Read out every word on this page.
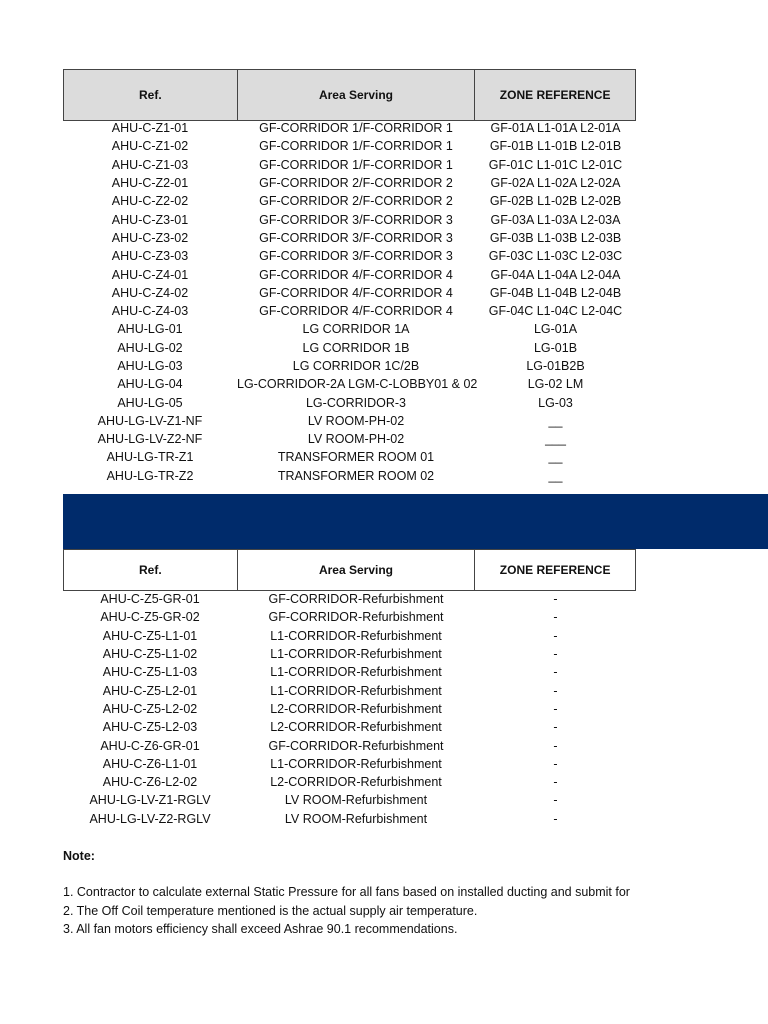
Ref.	Area Serving	ZONE REFERENCE
AHU-C-Z1-01	GF-CORRIDOR 1/F-CORRIDOR 1	GF-01A L1-01A L2-01A
AHU-C-Z1-02	GF-CORRIDOR 1/F-CORRIDOR 1	GF-01B L1-01B L2-01B
AHU-C-Z1-03	GF-CORRIDOR 1/F-CORRIDOR 1	GF-01C L1-01C L2-01C
AHU-C-Z2-01	GF-CORRIDOR 2/F-CORRIDOR 2	GF-02A L1-02A L2-02A
AHU-C-Z2-02	GF-CORRIDOR 2/F-CORRIDOR 2	GF-02B L1-02B L2-02B
AHU-C-Z3-01	GF-CORRIDOR 3/F-CORRIDOR 3	GF-03A L1-03A L2-03A
AHU-C-Z3-02	GF-CORRIDOR 3/F-CORRIDOR 3	GF-03B L1-03B L2-03B
AHU-C-Z3-03	GF-CORRIDOR 3/F-CORRIDOR 3	GF-03C L1-03C L2-03C
AHU-C-Z4-01	GF-CORRIDOR 4/F-CORRIDOR 4	GF-04A L1-04A L2-04A
AHU-C-Z4-02	GF-CORRIDOR 4/F-CORRIDOR 4	GF-04B L1-04B L2-04B
AHU-C-Z4-03	GF-CORRIDOR 4/F-CORRIDOR 4	GF-04C L1-04C L2-04C
AHU-LG-01	LG CORRIDOR 1A	LG-01A
AHU-LG-02	LG CORRIDOR 1B	LG-01B
AHU-LG-03	LG CORRIDOR 1C/2B	LG-01B2B
AHU-LG-04	LG-CORRIDOR-2A LGM-C-LOBBY01 & 02	LG-02 LM
AHU-LG-05	LG-CORRIDOR-3	LG-03
AHU-LG-LV-Z1-NF	LV ROOM-PH-02	__
AHU-LG-LV-Z2-NF	LV ROOM-PH-02	___
AHU-LG-TR-Z1	TRANSFORMER ROOM 01	__
AHU-LG-TR-Z2	TRANSFORMER ROOM 02	__
Ref.	Area Serving	ZONE REFERENCE
AHU-C-Z5-GR-01	GF-CORRIDOR-Refurbishment	-
AHU-C-Z5-GR-02	GF-CORRIDOR-Refurbishment	-
AHU-C-Z5-L1-01	L1-CORRIDOR-Refurbishment	-
AHU-C-Z5-L1-02	L1-CORRIDOR-Refurbishment	-
AHU-C-Z5-L1-03	L1-CORRIDOR-Refurbishment	-
AHU-C-Z5-L2-01	L1-CORRIDOR-Refurbishment	-
AHU-C-Z5-L2-02	L2-CORRIDOR-Refurbishment	-
AHU-C-Z5-L2-03	L2-CORRIDOR-Refurbishment	-
AHU-C-Z6-GR-01	GF-CORRIDOR-Refurbishment	-
AHU-C-Z6-L1-01	L1-CORRIDOR-Refurbishment	-
AHU-C-Z6-L2-02	L2-CORRIDOR-Refurbishment	-
AHU-LG-LV-Z1-RGLV	LV ROOM-Refurbishment	-
AHU-LG-LV-Z2-RGLV	LV ROOM-Refurbishment	-
Note:
1. Contractor to calculate external Static Pressure for all fans based on installed ducting and submit for
2. The Off Coil temperature mentioned is the actual supply air temperature.
3. All fan motors efficiency shall exceed Ashrae 90.1 recommendations.
